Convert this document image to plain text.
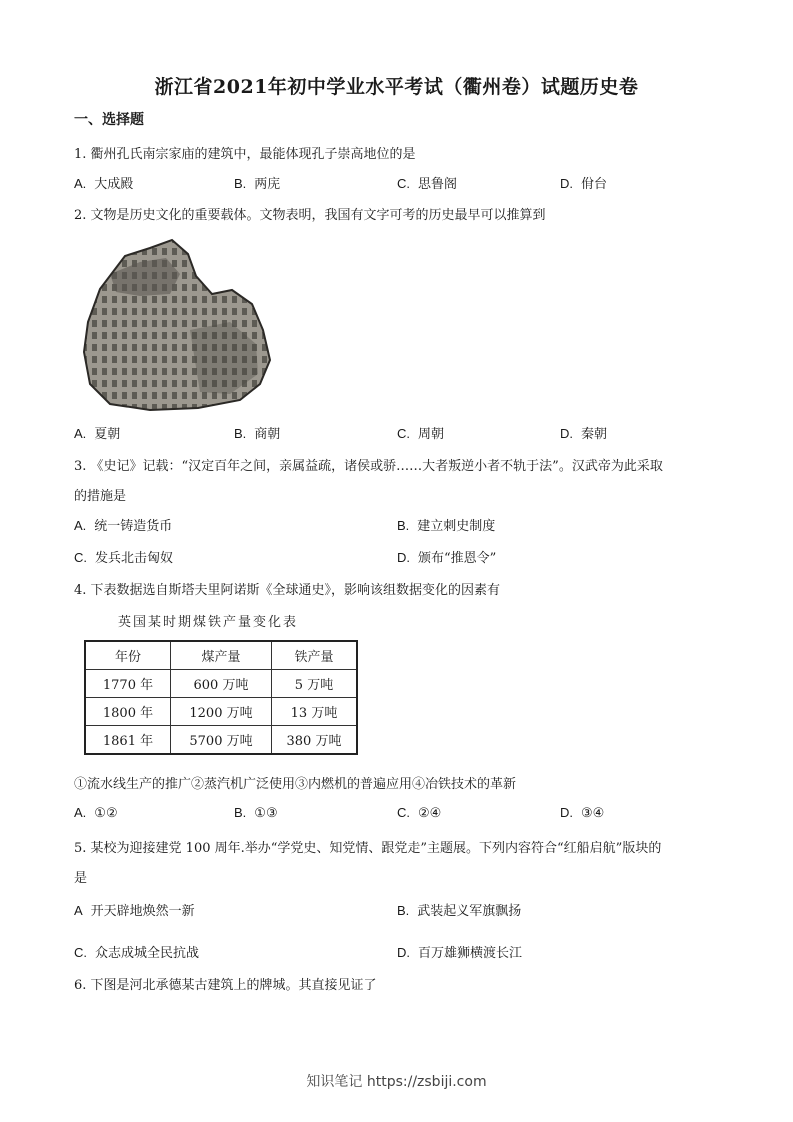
浙江省2021年初中学业水平考试（衢州卷）试题历史卷
一、选择题
1. 衢州孔氏南宗家庙的建筑中，最能体现孔子崇高地位的是
A. 大成殿	B. 两庑	C. 思鲁阁	D. 佾台
2. 文物是历史文化的重要载体。文物表明，我国有文字可考的历史最早可以推算到
A. 夏朝	B. 商朝	C. 周朝	D. 秦朝
3. 《史记》记载：“汉定百年之间，亲属益疏，诸侯或骄……大者叛逆小者不轨于法”。汉武帝为此采取
的措施是
A. 统一铸造货币	B. 建立刺史制度
C. 发兵北击匈奴	D. 颁布“推恩令”
4. 下表数据选自斯塔夫里阿诺斯《全球通史》，影响该组数据变化的因素有
英国某时期煤铁产量变化表
年份	煤产量	铁产量
1770 年	600 万吨	5 万吨
1800 年	1200 万吨	13 万吨
1861 年	5700 万吨	380 万吨
①流水线生产的推广②蒸汽机广泛使用③内燃机的普遍应用④冶铁技术的革新
A. ①②	B. ①③	C. ②④	D. ③④
5. 某校为迎接建党 100 周年.举办“学党史、知党情、跟党走”主题展。下列内容符合“红船启航”版块的
是
A 开天辟地焕然一新	B. 武装起义军旗飘扬
C. 众志成城全民抗战	D. 百万雄狮横渡长江
6. 下图是河北承德某古建筑上的牌城。其直接见证了
知识笔记 https://zsbiji.com
